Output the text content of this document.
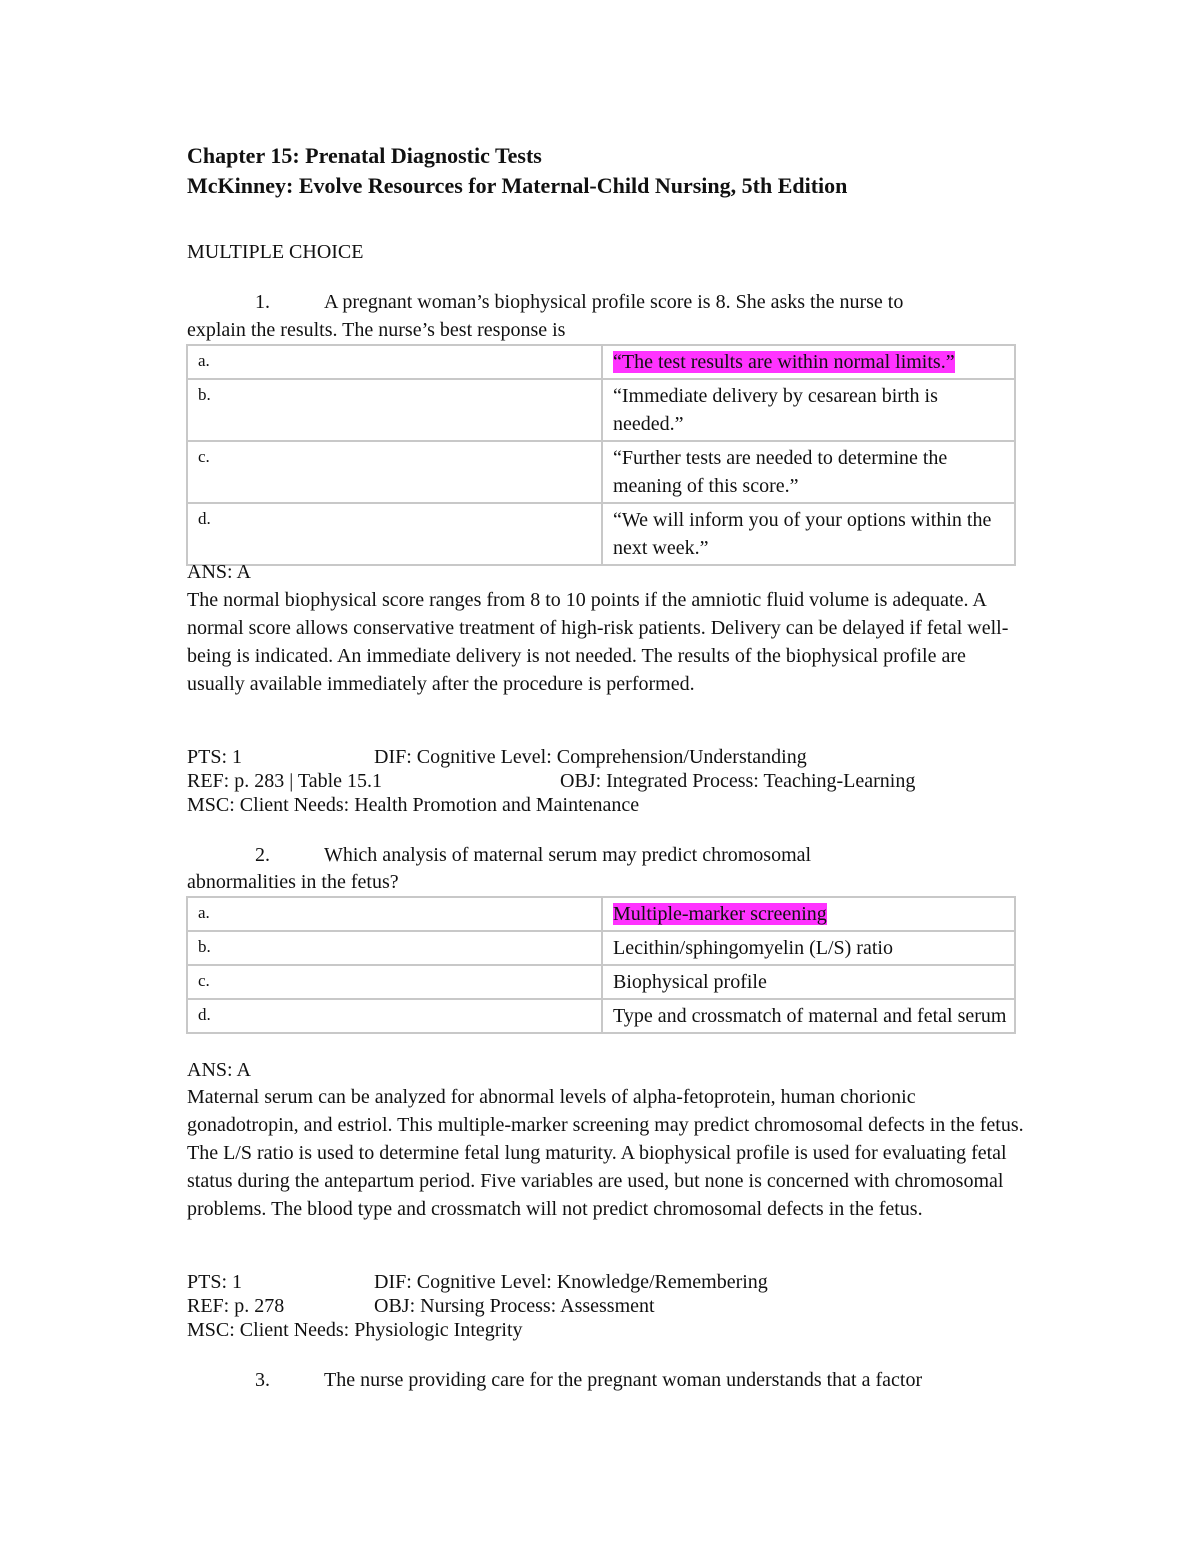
Chapter 15: Prenatal Diagnostic Tests
McKinney: Evolve Resources for Maternal-Child Nursing, 5th Edition
MULTIPLE CHOICE
1.	A pregnant woman’s biophysical profile score is 8. She asks the nurse to
explain the results. The nurse’s best response is
a.	“The test results are within normal limits.”
b.	“Immediate delivery by cesarean birth is needed.”
c.	“Further tests are needed to determine the meaning of this score.”
d.	“We will inform you of your options within the next week.”
ANS: A
The normal biophysical score ranges from 8 to 10 points if the amniotic fluid volume is adequate. A normal score allows conservative treatment of high-risk patients. Delivery can be delayed if fetal well-being is indicated. An immediate delivery is not needed. The results of the biophysical profile are usually available immediately after the procedure is performed.
PTS: 1	DIF: Cognitive Level: Comprehension/Understanding
REF: p. 283 | Table 15.1	OBJ: Integrated Process: Teaching-Learning
MSC: Client Needs: Health Promotion and Maintenance
2.	Which analysis of maternal serum may predict chromosomal
abnormalities in the fetus?
a.	Multiple-marker screening
b.	Lecithin/sphingomyelin (L/S) ratio
c.	Biophysical profile
d.	Type and crossmatch of maternal and fetal serum
ANS: A
Maternal serum can be analyzed for abnormal levels of alpha-fetoprotein, human chorionic gonadotropin, and estriol. This multiple-marker screening may predict chromosomal defects in the fetus. The L/S ratio is used to determine fetal lung maturity. A biophysical profile is used for evaluating fetal status during the antepartum period. Five variables are used, but none is concerned with chromosomal problems. The blood type and crossmatch will not predict chromosomal defects in the fetus.
PTS: 1	DIF: Cognitive Level: Knowledge/Remembering
REF: p. 278	OBJ: Nursing Process: Assessment
MSC: Client Needs: Physiologic Integrity
3.	The nurse providing care for the pregnant woman understands that a factor
